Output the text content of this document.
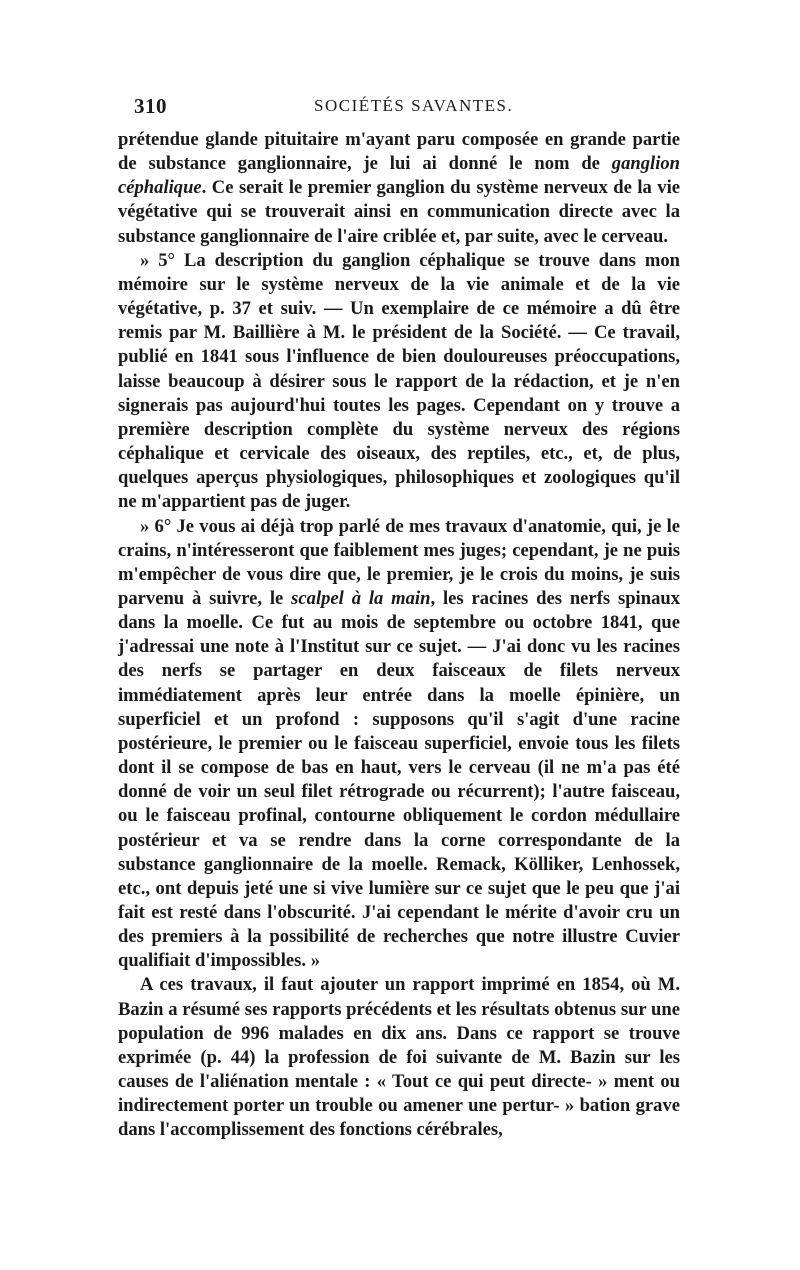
310	SOCIÉTÉS SAVANTES.

prétendue glande pituitaire m'ayant paru composée en grande partie de substance ganglionnaire, je lui ai donné le nom de ganglion céphalique. Ce serait le premier ganglion du système nerveux de la vie végétative qui se trouverait ainsi en communication directe avec la substance ganglionnaire de l'aire criblée et, par suite, avec le cerveau.

» 5° La description du ganglion céphalique se trouve dans mon mémoire sur le système nerveux de la vie animale et de la vie végétative, p. 37 et suiv. — Un exemplaire de ce mémoire a dû être remis par M. Baillière à M. le président de la Société. — Ce travail, publié en 1841 sous l'influence de bien douloureuses préoccupations, laisse beaucoup à désirer sous le rapport de la rédaction, et je n'en signerais pas aujourd'hui toutes les pages. Cependant on y trouve a première description complète du système nerveux des régions céphalique et cervicale des oiseaux, des reptiles, etc., et, de plus, quelques aperçus physiologiques, philosophiques et zoologiques qu'il ne m'appartient pas de juger.

» 6° Je vous ai déjà trop parlé de mes travaux d'anatomie, qui, je le crains, n'intéresseront que faiblement mes juges; cependant, je ne puis m'empêcher de vous dire que, le premier, je le crois du moins, je suis parvenu à suivre, le scalpel à la main, les racines des nerfs spinaux dans la moelle. Ce fut au mois de septembre ou octobre 1841, que j'adressai une note à l'Institut sur ce sujet. — J'ai donc vu les racines des nerfs se partager en deux faisceaux de filets nerveux immédiatement après leur entrée dans la moelle épinière, un superficiel et un profond : supposons qu'il s'agit d'une racine postérieure, le premier ou le faisceau superficiel, envoie tous les filets dont il se compose de bas en haut, vers le cerveau (il ne m'a pas été donné de voir un seul filet rétrograde ou récurrent); l'autre faisceau, ou le faisceau profinal, contourne obliquement le cordon médullaire postérieur et va se rendre dans la corne correspondante de la substance ganglionnaire de la moelle. Remack, Kölliker, Lenhossek, etc., ont depuis jeté une si vive lumière sur ce sujet que le peu que j'ai fait est resté dans l'obscurité. J'ai cependant le mérite d'avoir cru un des premiers à la possibilité de recherches que notre illustre Cuvier qualifiait d'impossibles. »

A ces travaux, il faut ajouter un rapport imprimé en 1854, où M. Bazin a résumé ses rapports précédents et les résultats obtenus sur une population de 996 malades en dix ans. Dans ce rapport se trouve exprimée (p. 44) la profession de foi suivante de M. Bazin sur les causes de l'aliénation mentale : « Tout ce qui peut directe- » ment ou indirectement porter un trouble ou amener une pertur- » bation grave dans l'accomplissement des fonctions cérébrales,
